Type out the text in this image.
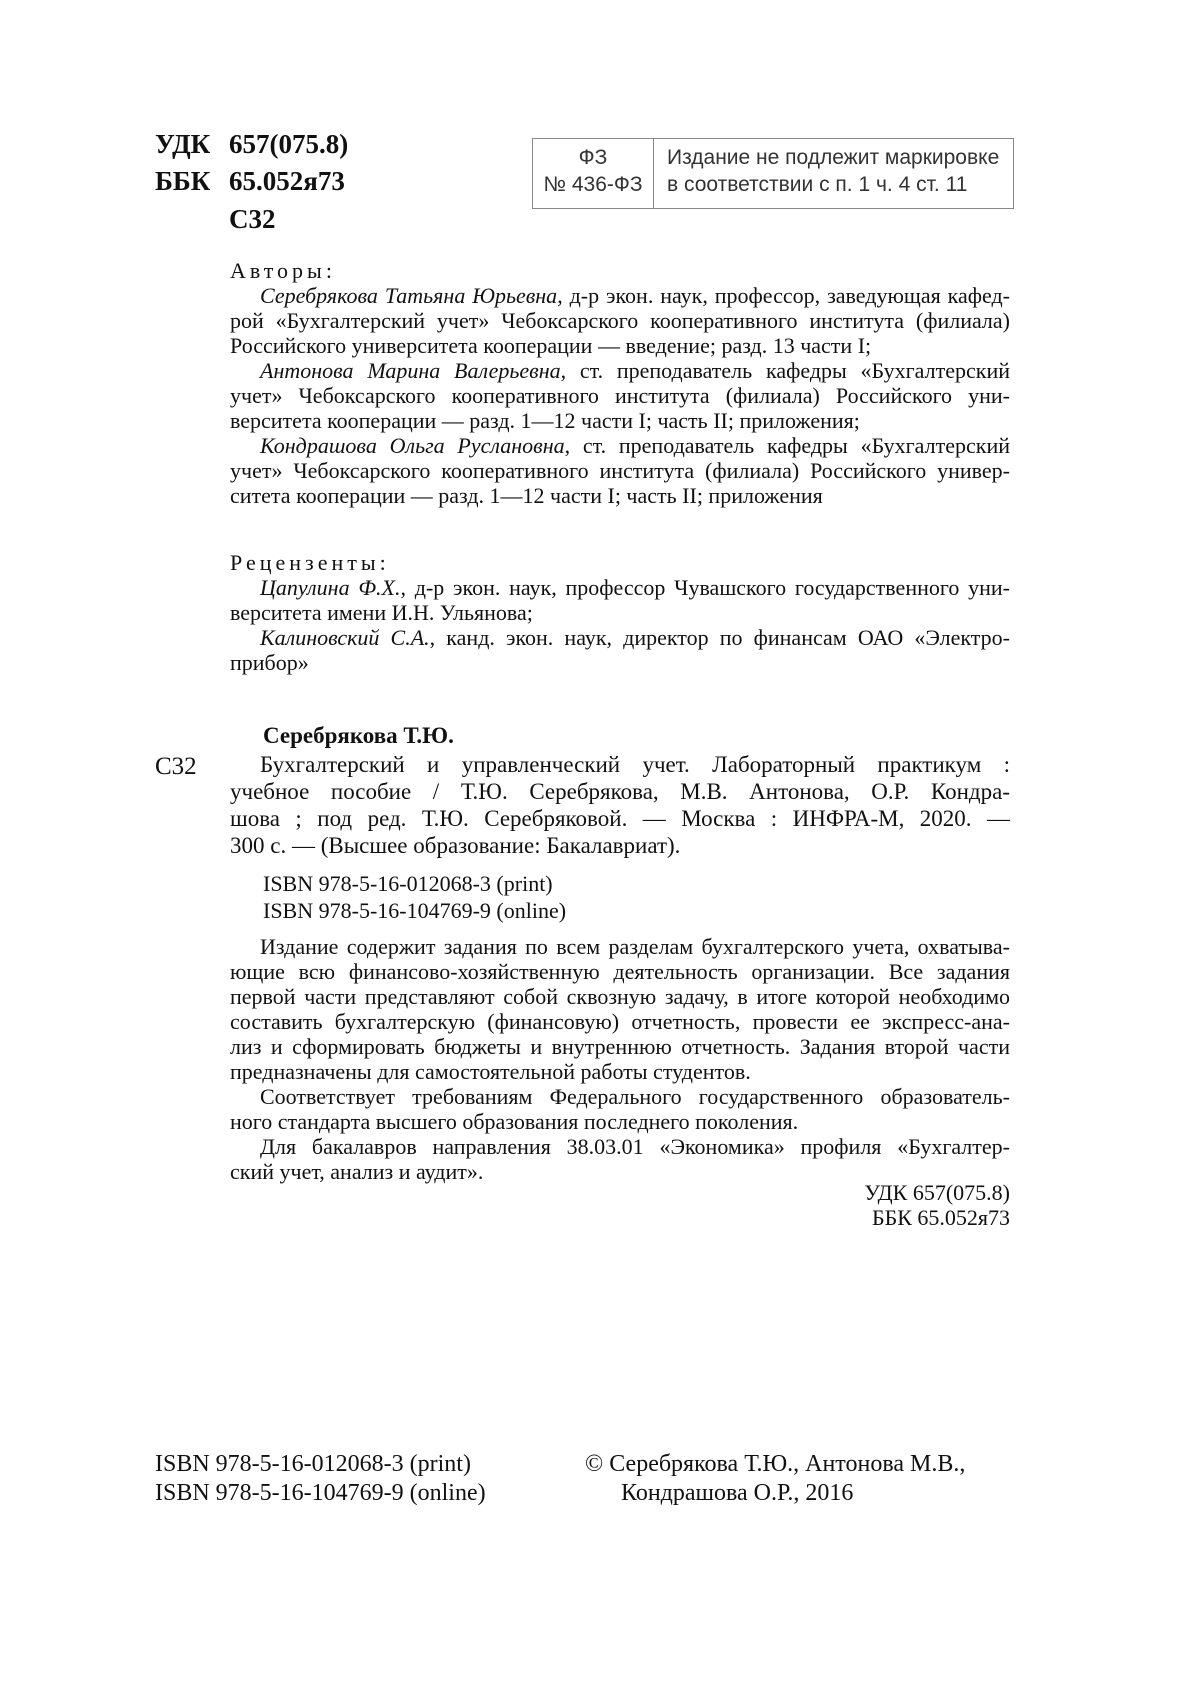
УДК 657(075.8)
ББК 65.052я73
С32
ФЗ
№ 436-ФЗ
Издание не подлежит маркировке
в соответствии с п. 1 ч. 4 ст. 11
Авторы:
Серебрякова Татьяна Юрьевна, д-р экон. наук, профессор, заведующая кафед-
рой «Бухгалтерский учет» Чебоксарского кооперативного института (филиала)
Российского университета кооперации — введение; разд. 13 части I;
Антонова Марина Валерьевна, ст. преподаватель кафедры «Бухгалтерский
учет» Чебоксарского кооперативного института (филиала) Российского уни-
верситета кооперации — разд. 1—12 части I; часть II; приложения;
Кондрашова Ольга Руслановна, ст. преподаватель кафедры «Бухгалтерский
учет» Чебоксарского кооперативного института (филиала) Российского универ-
ситета кооперации — разд. 1—12 части I; часть II; приложения
Рецензенты:
Цапулина Ф.Х., д-р экон. наук, профессор Чувашского государственного уни-
верситета имени И.Н. Ульянова;
Калиновский С.А., канд. экон. наук, директор по финансам ОАО «Электро-
прибор»
Серебрякова Т.Ю.
С32	Бухгалтерский и управленческий учет. Лабораторный практикум :
учебное пособие / Т.Ю. Серебрякова, М.В. Антонова, О.Р. Кондра-
шова ; под ред. Т.Ю. Серебряковой. — Москва : ИНФРА-М, 2020. —
300 с. — (Высшее образование: Бакалавриат).
ISBN 978-5-16-012068-3 (print)
ISBN 978-5-16-104769-9 (online)
Издание содержит задания по всем разделам бухгалтерского учета, охватыва-
ющие всю финансово-хозяйственную деятельность организации. Все задания
первой части представляют собой сквозную задачу, в итоге которой необходимо
составить бухгалтерскую (финансовую) отчетность, провести ее экспресс-ана-
лиз и сформировать бюджеты и внутреннюю отчетность. Задания второй части
предназначены для самостоятельной работы студентов.
Соответствует требованиям Федерального государственного образователь-
ного стандарта высшего образования последнего поколения.
Для бакалавров направления 38.03.01 «Экономика» профиля «Бухгалтер-
ский учет, анализ и аудит».
УДК 657(075.8)
ББК 65.052я73
ISBN 978-5-16-012068-3 (print)
ISBN 978-5-16-104769-9 (online)
© Серебрякова Т.Ю., Антонова М.В.,
Кондрашова О.Р., 2016
